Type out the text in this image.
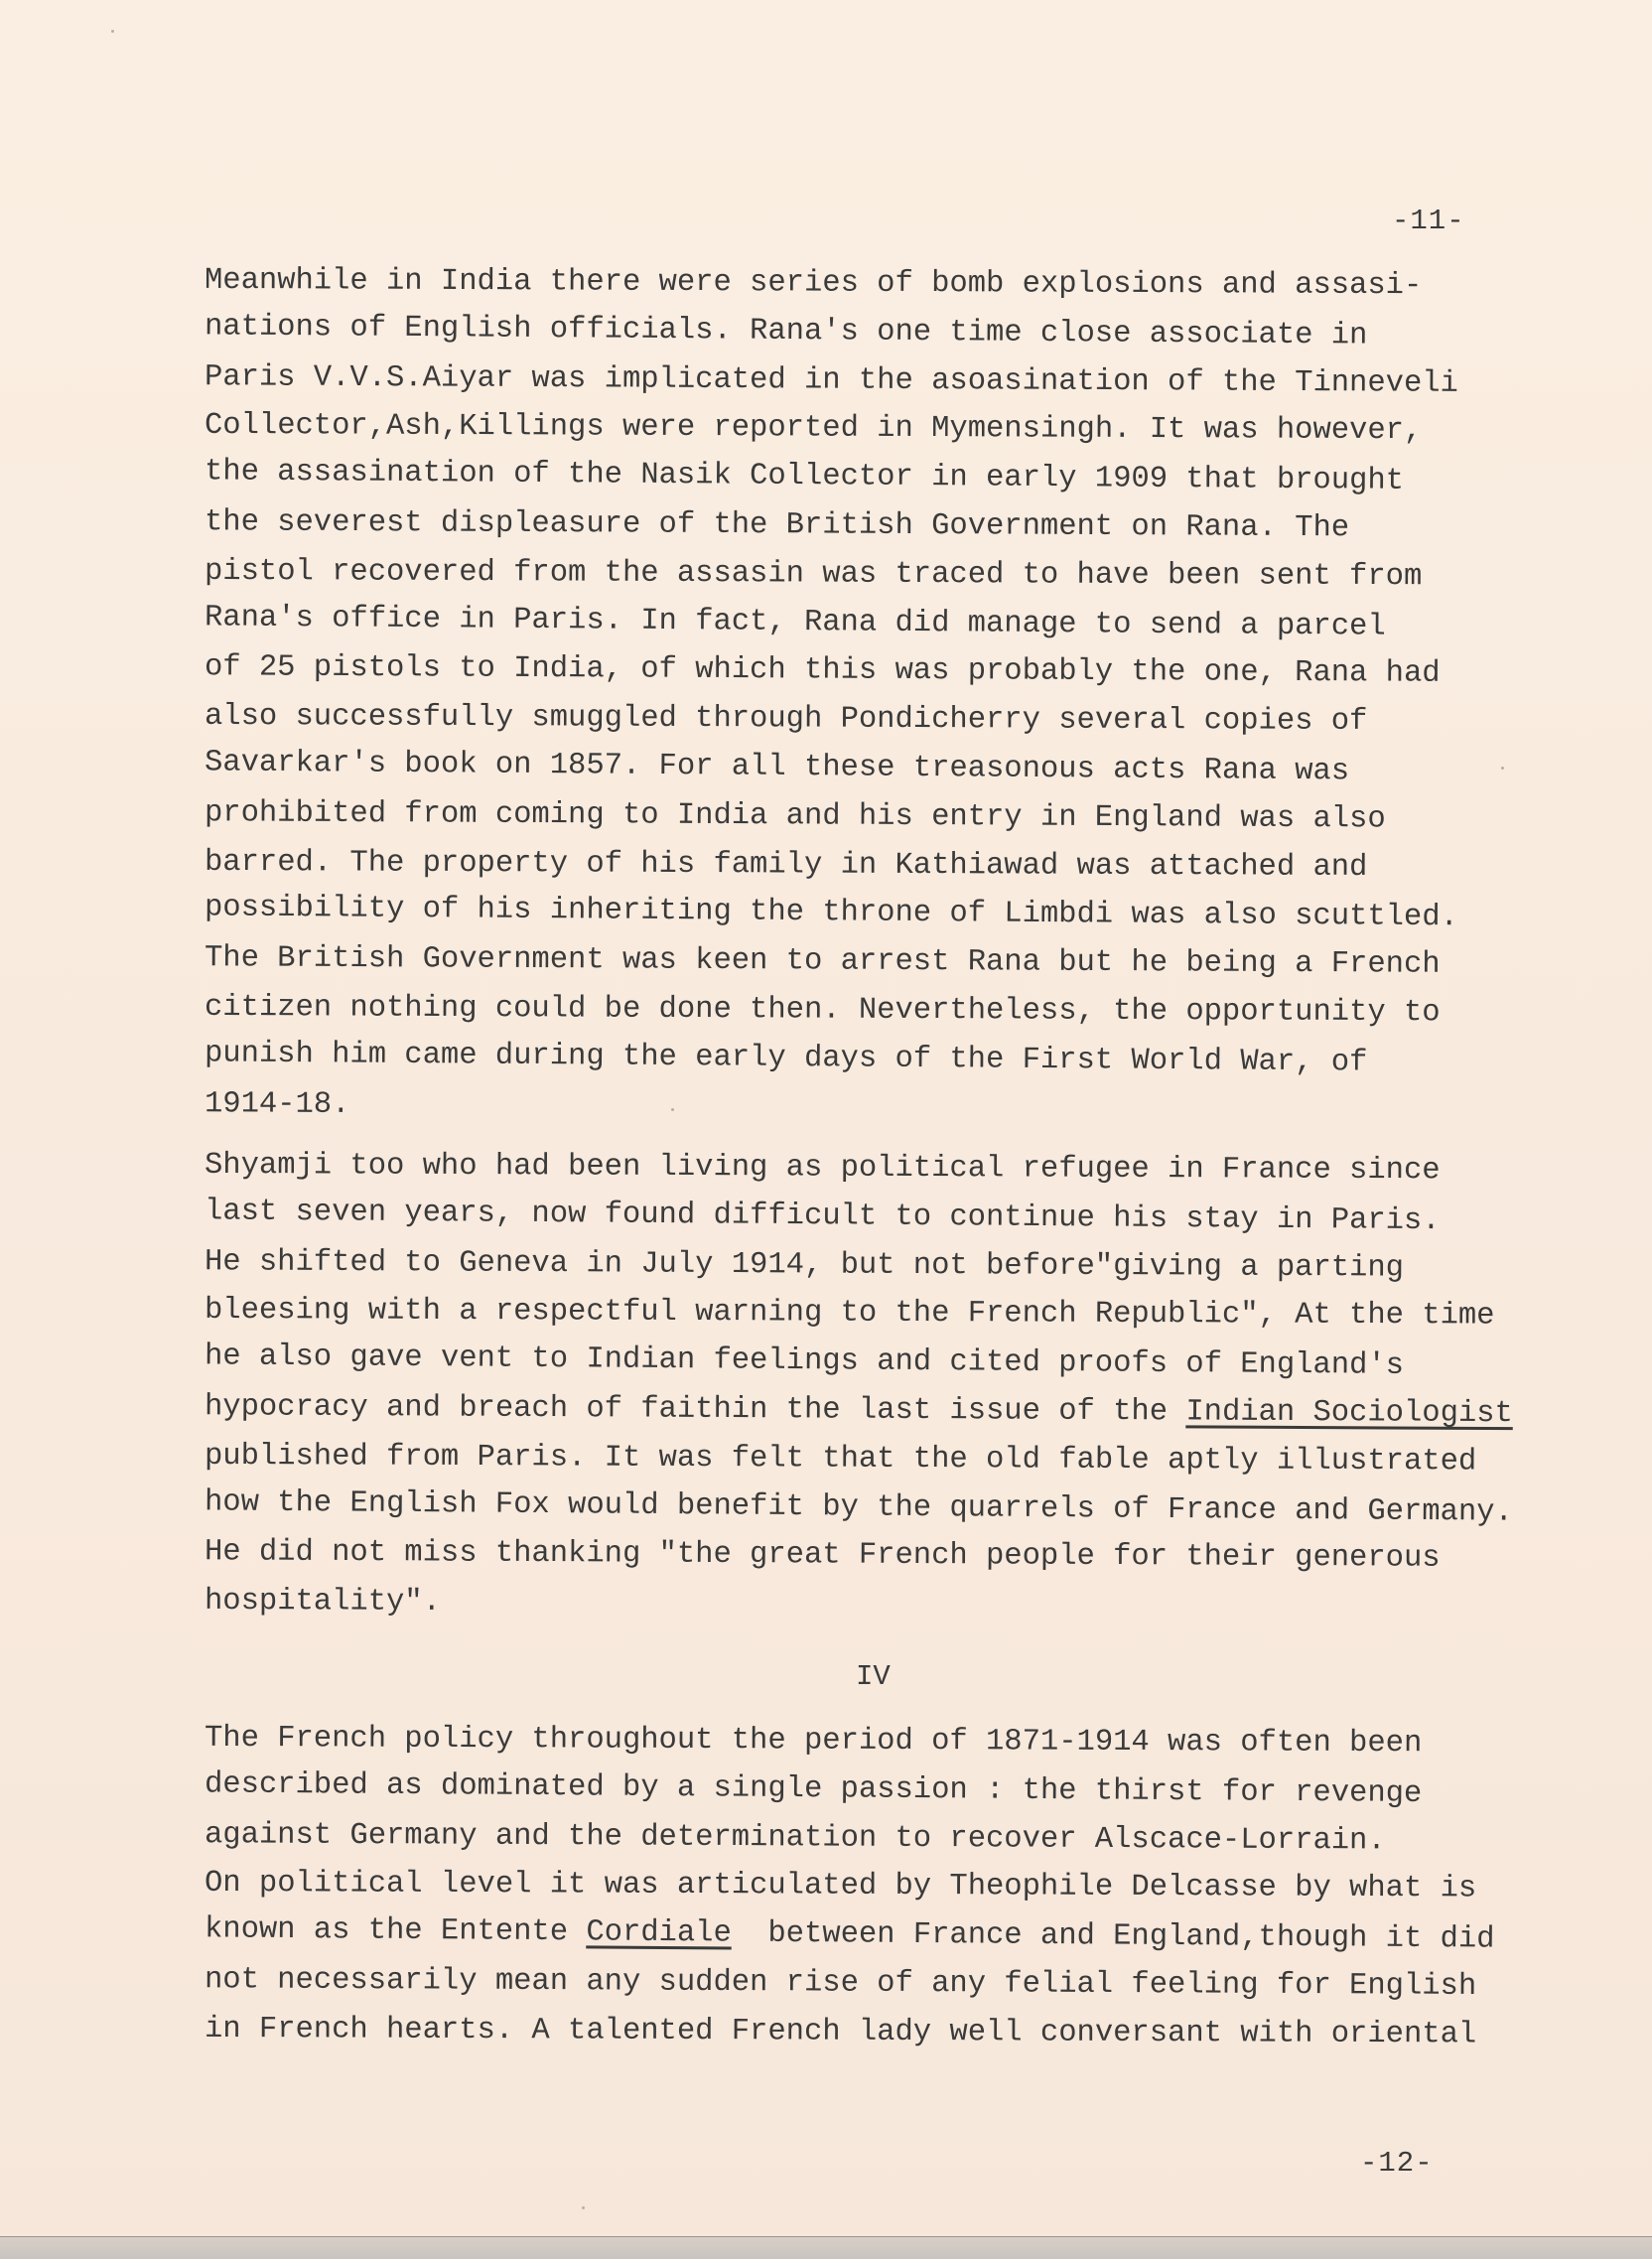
-11-
Meanwhile in India there were series of bomb explosions and assasi-
nations of English officials. Rana's one time close associate in
Paris V.V.S.Aiyar was implicated in the asoasination of the Tinneveli
Collector,Ash,Killings were reported in Mymensingh. It was however,
the assasination of the Nasik Collector in early 1909 that brought
the severest displeasure of the British Government on Rana. The
pistol recovered from the assasin was traced to have been sent from
Rana's office in Paris. In fact, Rana did manage to send a parcel
of 25 pistols to India, of which this was probably the one, Rana had
also successfully smuggled through Pondicherry several copies of
Savarkar's book on 1857. For all these treasonous acts Rana was
prohibited from coming to India and his entry in England was also
barred. The property of his family in Kathiawad was attached and
possibility of his inheriting the throne of Limbdi was also scuttled.
The British Government was keen to arrest Rana but he being a French
citizen nothing could be done then. Nevertheless, the opportunity to
punish him came during the early days of the First World War, of
1914-18.
Shyamji too who had been living as political refugee in France since
last seven years, now found difficult to continue his stay in Paris.
He shifted to Geneva in July 1914, but not before"giving a parting
bleesing with a respectful warning to the French Republic", At the time
he also gave vent to Indian feelings and cited proofs of England's
hypocracy and breach of faithin the last issue of the Indian Sociologist
published from Paris. It was felt that the old fable aptly illustrated
how the English Fox would benefit by the quarrels of France and Germany.
He did not miss thanking "the great French people for their generous
hospitality".
IV
The French policy throughout the period of 1871-1914 was often been
described as dominated by a single passion : the thirst for revenge
against Germany and the determination to recover Alscace-Lorrain.
On political level it was articulated by Theophile Delcasse by what is
known as the Entente Cordiale  between France and England,though it did
not necessarily mean any sudden rise of any felial feeling for English
in French hearts. A talented French lady well conversant with oriental
-12-
